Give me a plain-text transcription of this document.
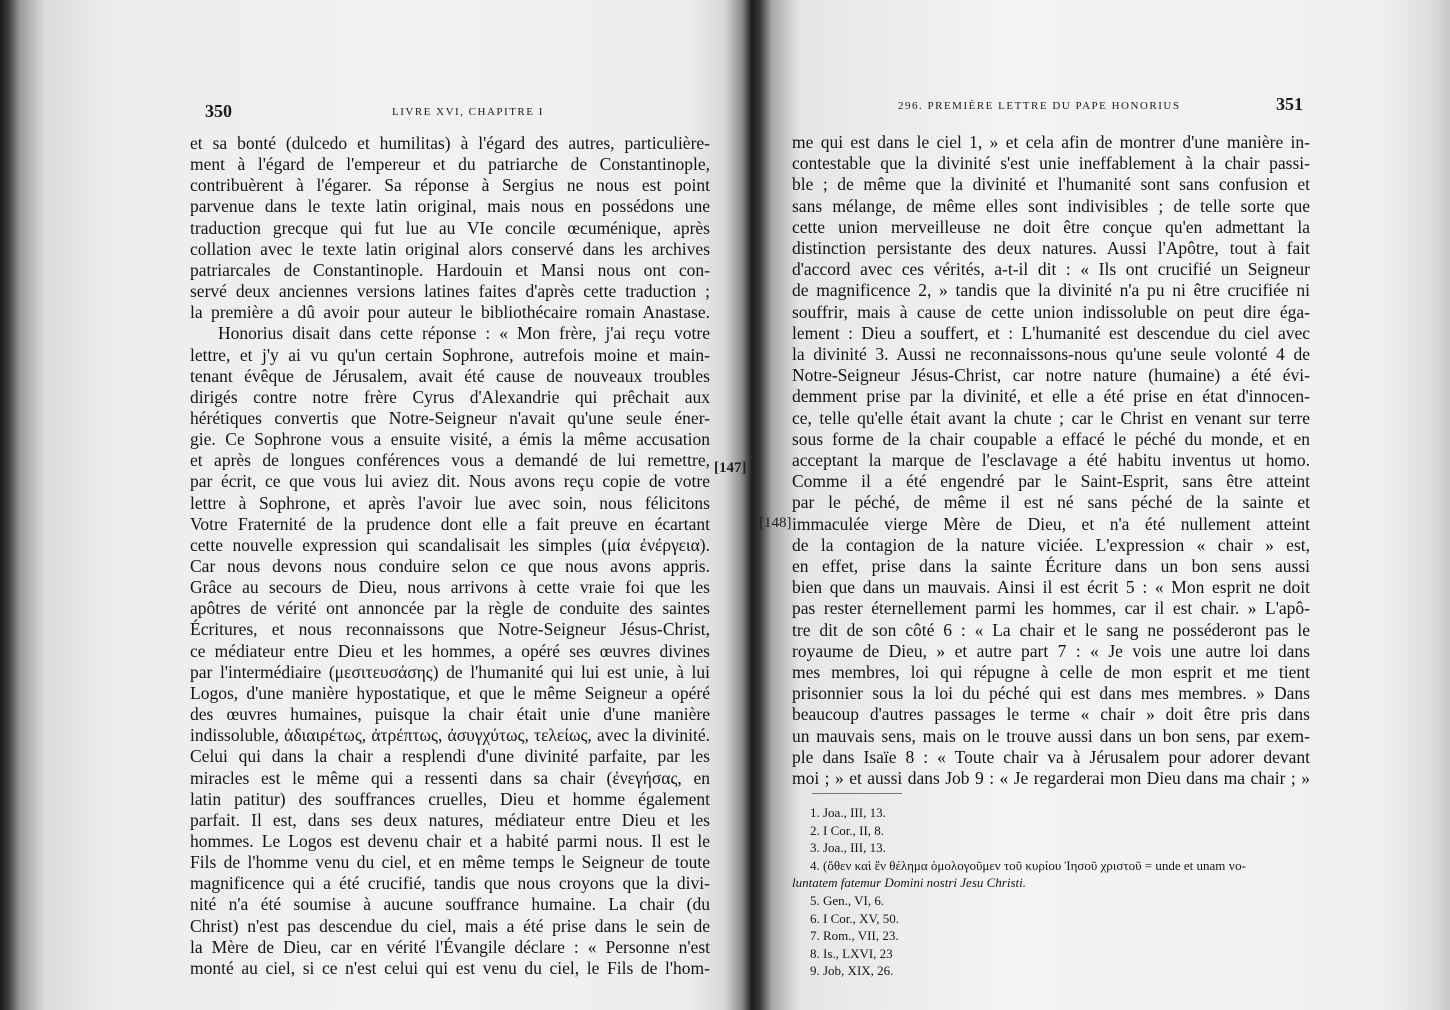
350	LIVRE XVI, CHAPITRE I
et sa bonté (dulcedo et humilitas) à l'égard des autres, particulière-
ment à l'égard de l'empereur et du patriarche de Constantinople,
contribuèrent à l'égarer. Sa réponse à Sergius ne nous est point
parvenue dans le texte latin original, mais nous en possédons une
traduction grecque qui fut lue au VIe concile œcuménique, après
collation avec le texte latin original alors conservé dans les archives
patriarcales de Constantinople. Hardouin et Mansi nous ont con-
servé deux anciennes versions latines faites d'après cette traduction ;
la première a dû avoir pour auteur le bibliothécaire romain Anastase.
Honorius disait dans cette réponse : « Mon frère, j'ai reçu votre
lettre, et j'y ai vu qu'un certain Sophrone, autrefois moine et main-
tenant évêque de Jérusalem, avait été cause de nouveaux troubles
dirigés contre notre frère Cyrus d'Alexandrie qui prêchait aux
hérétiques convertis que Notre-Seigneur n'avait qu'une seule éner-
gie. Ce Sophrone vous a ensuite visité, a émis la même accusation
et après de longues conférences vous a demandé de lui remettre,
par écrit, ce que vous lui aviez dit. Nous avons reçu copie de votre
lettre à Sophrone, et après l'avoir lue avec soin, nous félicitons
Votre Fraternité de la prudence dont elle a fait preuve en écartant
cette nouvelle expression qui scandalisait les simples (μία ἐνέργεια).
Car nous devons nous conduire selon ce que nous avons appris.
Grâce au secours de Dieu, nous arrivons à cette vraie foi que les
apôtres de vérité ont annoncée par la règle de conduite des saintes
Écritures, et nous reconnaissons que Notre-Seigneur Jésus-Christ,
ce médiateur entre Dieu et les hommes, a opéré ses œuvres divines
par l'intermédiaire (μεσιτευσάσης) de l'humanité qui lui est unie, à lui
Logos, d'une manière hypostatique, et que le même Seigneur a opéré
des œuvres humaines, puisque la chair était unie d'une manière
indissoluble, ἀδιαιρέτως, ἀτρέπτως, ἀσυγχύτως, τελείως, avec la divinité.
Celui qui dans la chair a resplendi d'une divinité parfaite, par les
miracles est le même qui a ressenti dans sa chair (ἐνεγήσας, en
latin patitur) des souffrances cruelles, Dieu et homme également
parfait. Il est, dans ses deux natures, médiateur entre Dieu et les
hommes. Le Logos est devenu chair et a habité parmi nous. Il est le
Fils de l'homme venu du ciel, et en même temps le Seigneur de toute
magnificence qui a été crucifié, tandis que nous croyons que la divi-
nité n'a été soumise à aucune souffrance humaine. La chair (du
Christ) n'est pas descendue du ciel, mais a été prise dans le sein de
la Mère de Dieu, car en vérité l'Évangile déclare : « Personne n'est
monté au ciel, si ce n'est celui qui est venu du ciel, le Fils de l'hom-
[147]
296. PREMIÈRE LETTRE DU PAPE HONORIUS	351
[148]
me qui est dans le ciel 1, » et cela afin de montrer d'une manière in-
contestable que la divinité s'est unie ineffablement à la chair passi-
ble ; de même que la divinité et l'humanité sont sans confusion et
sans mélange, de même elles sont indivisibles ; de telle sorte que
cette union merveilleuse ne doit être conçue qu'en admettant la
distinction persistante des deux natures. Aussi l'Apôtre, tout à fait
d'accord avec ces vérités, a-t-il dit : « Ils ont crucifié un Seigneur
de magnificence 2, » tandis que la divinité n'a pu ni être crucifiée ni
souffrir, mais à cause de cette union indissoluble on peut dire éga-
lement : Dieu a souffert, et : L'humanité est descendue du ciel avec
la divinité 3. Aussi ne reconnaissons-nous qu'une seule volonté 4 de
Notre-Seigneur Jésus-Christ, car notre nature (humaine) a été évi-
demment prise par la divinité, et elle a été prise en état d'innocen-
ce, telle qu'elle était avant la chute ; car le Christ en venant sur terre
sous forme de la chair coupable a effacé le péché du monde, et en
acceptant la marque de l'esclavage a été habitu inventus ut homo.
Comme il a été engendré par le Saint-Esprit, sans être atteint
par le péché, de même il est né sans péché de la sainte et
immaculée vierge Mère de Dieu, et n'a été nullement atteint
de la contagion de la nature viciée. L'expression « chair » est,
en effet, prise dans la sainte Écriture dans un bon sens aussi
bien que dans un mauvais. Ainsi il est écrit 5 : « Mon esprit ne doit
pas rester éternellement parmi les hommes, car il est chair. » L'apô-
tre dit de son côté 6 : « La chair et le sang ne posséderont pas le
royaume de Dieu, » et autre part 7 : « Je vois une autre loi dans
mes membres, loi qui répugne à celle de mon esprit et me tient
prisonnier sous la loi du péché qui est dans mes membres. » Dans
beaucoup d'autres passages le terme « chair » doit être pris dans
un mauvais sens, mais on le trouve aussi dans un bon sens, par exem-
ple dans Isaïe 8 : « Toute chair va à Jérusalem pour adorer devant
moi ; » et aussi dans Job 9 : « Je regarderai mon Dieu dans ma chair ; »
1. Joa., III, 13.
2. I Cor., II, 8.
3. Joa., III, 13.
4. (ὅθεν καὶ ἓν θέλημα ὁμολογοῦμεν τοῦ κυρίου Ἰησοῦ χριστοῦ = unde et unam vo-
luntatem fatemur Domini nostri Jesu Christi.
5. Gen., VI, 6.
6. I Cor., XV, 50.
7. Rom., VII, 23.
8. Is., LXVI, 23
9. Job, XIX, 26.
